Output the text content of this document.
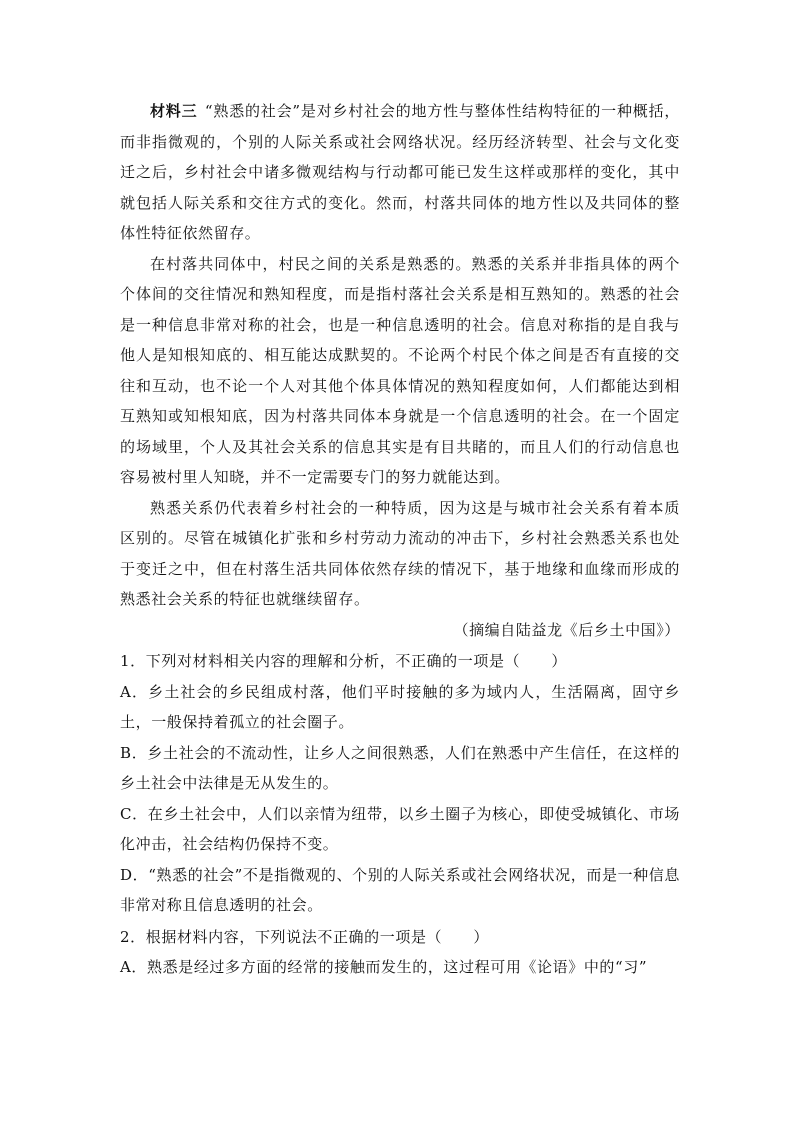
材料三 “熟悉的社会”是对乡村社会的地方性与整体性结构特征的一种概括，而非指微观的，个别的人际关系或社会网络状况。经历经济转型、社会与文化变迁之后，乡村社会中诸多微观结构与行动都可能已发生这样或那样的变化，其中就包括人际关系和交往方式的变化。然而，村落共同体的地方性以及共同体的整体性特征依然留存。

在村落共同体中，村民之间的关系是熟悉的。熟悉的关系并非指具体的两个个体间的交往情况和熟知程度，而是指村落社会关系是相互熟知的。熟悉的社会是一种信息非常对称的社会，也是一种信息透明的社会。信息对称指的是自我与他人是知根知底的、相互能达成默契的。不论两个村民个体之间是否有直接的交往和互动，也不论一个人对其他个体具体情况的熟知程度如何，人们都能达到相互熟知或知根知底，因为村落共同体本身就是一个信息透明的社会。在一个固定的场域里，个人及其社会关系的信息其实是有目共睹的，而且人们的行动信息也容易被村里人知晓，并不一定需要专门的努力就能达到。

熟悉关系仍代表着乡村社会的一种特质，因为这是与城市社会关系有着本质区别的。尽管在城镇化扩张和乡村劳动力流动的冲击下，乡村社会熟悉关系也处于变迁之中，但在村落生活共同体依然存续的情况下，基于地缘和血缘而形成的熟悉社会关系的特征也就继续留存。

（摘编自陆益龙《后乡土中国》）

1．下列对材料相关内容的理解和分析，不正确的一项是（　　）

A．乡土社会的乡民组成村落，他们平时接触的多为域内人，生活隔离，固守乡土，一般保持着孤立的社会圈子。

B．乡土社会的不流动性，让乡人之间很熟悉，人们在熟悉中产生信任，在这样的乡土社会中法律是无从发生的。

C．在乡土社会中，人们以亲情为纽带，以乡土圈子为核心，即使受城镇化、市场化冲击，社会结构仍保持不变。

D．“熟悉的社会”不是指微观的、个别的人际关系或社会网络状况，而是一种信息非常对称且信息透明的社会。

2．根据材料内容，下列说法不正确的一项是（　　）

A．熟悉是经过多方面的经常的接触而发生的，这过程可用《论语》中的“习”
